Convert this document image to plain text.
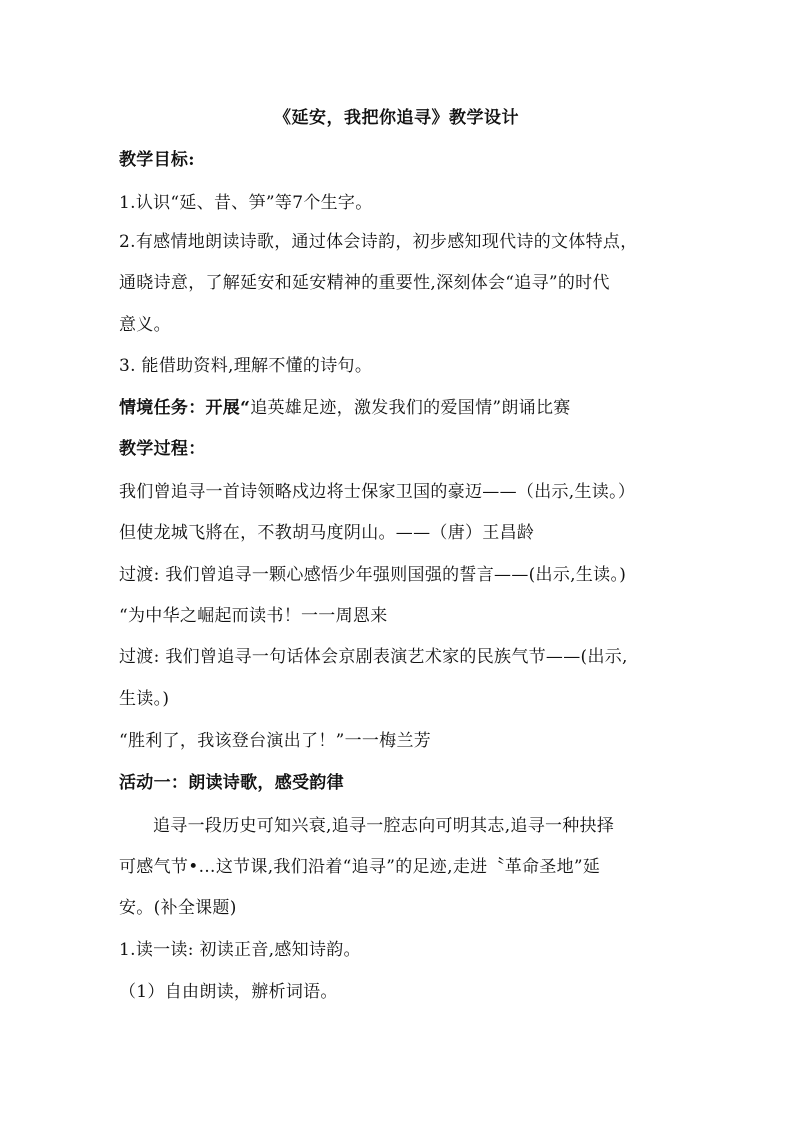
《延安，我把你追寻》教学设计
教学目标:
1.认识“延、昔、笋”等7个生字。
2.有感情地朗读诗歌，通过体会诗韵，初步感知现代诗的文体特点，
通晓诗意，了解延安和延安精神的重要性,深刻体会“追寻”的时代
意义。
3. 能借助资料,理解不懂的诗句。
情境任务：开展“追英雄足迹，激发我们的爱国情”朗诵比赛
教学过程：
我们曾追寻一首诗领略戍边将士保家卫国的豪迈——（出示,生读。）
但使龙城飞將在，不教胡马度阴山。——（唐）王昌龄
过渡: 我们曾追寻一颗心感悟少年强则国强的誓言——(出示,生读。)
“为中华之崛起而读书！一一周恩来
过渡: 我们曾追寻一句话体会京剧表演艺术家的民族气节——(出示,
生读。)
“胜利了，我该登台演出了！”一一梅兰芳
活动一：朗读诗歌，感受韵律
追寻一段历史可知兴衰,追寻一腔志向可明其志,追寻一种抉择
可感气节•…这节课,我们沿着“追寻”的足迹,走进〝革命圣地”延
安。(补全课题)
1.读一读: 初读正音,感知诗韵。
（1）自由朗读，辦析词语。
